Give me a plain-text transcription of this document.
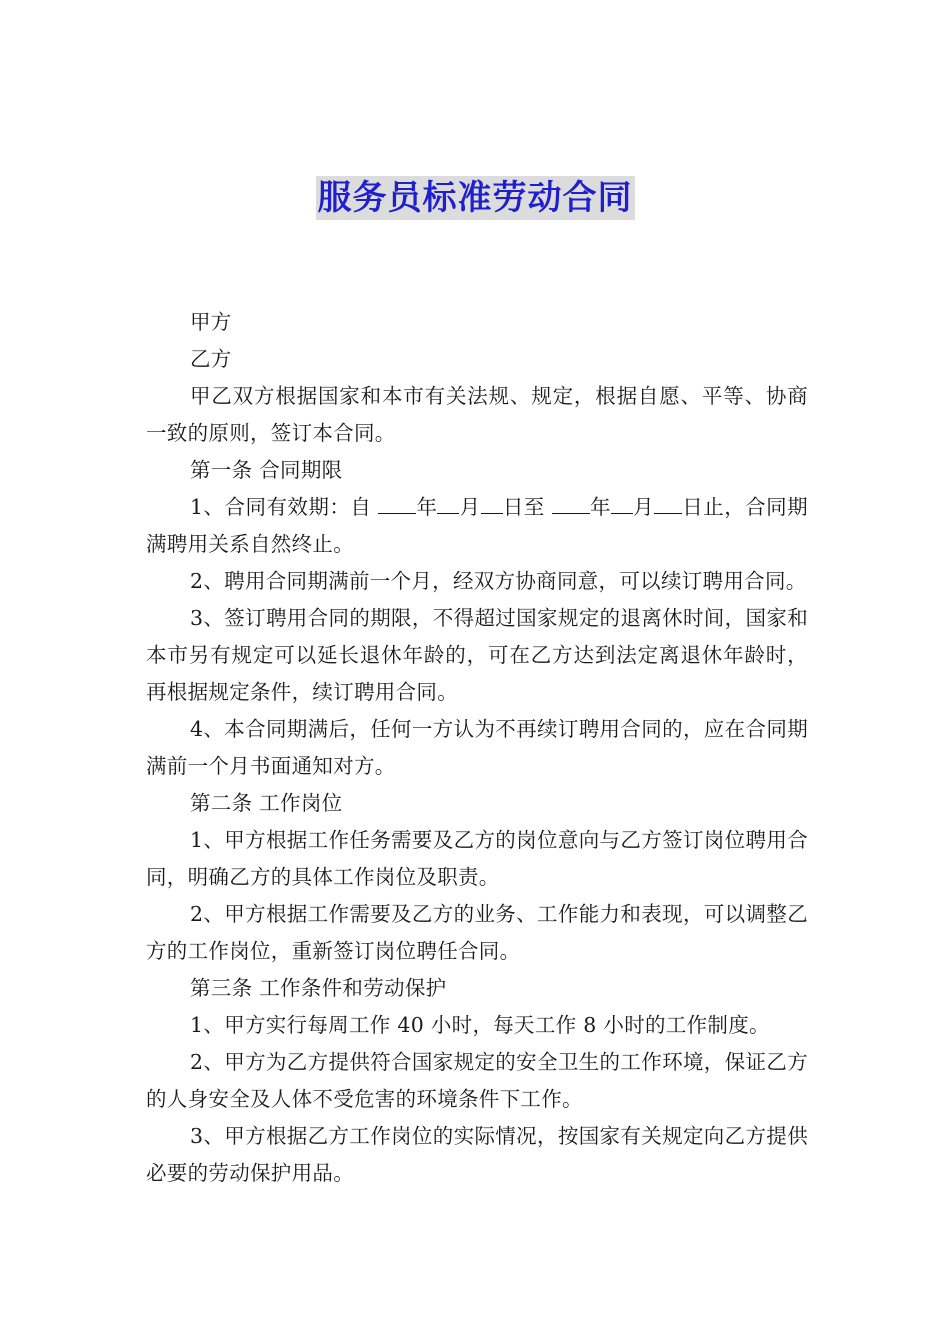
服务员标准劳动合同

甲方

乙方

甲乙双方根据国家和本市有关法规、规定，根据自愿、平等、协商一致的原则，签订本合同。

第一条 合同期限

1、合同有效期：自 年 月 日至 年 月 日止，合同期满聘用关系自然终止。

2、聘用合同期满前一个月，经双方协商同意，可以续订聘用合同。

3、签订聘用合同的期限，不得超过国家规定的退离休时间，国家和本市另有规定可以延长退休年龄的，可在乙方达到法定离退休年龄时，再根据规定条件，续订聘用合同。

4、本合同期满后，任何一方认为不再续订聘用合同的，应在合同期满前一个月书面通知对方。

第二条 工作岗位

1、甲方根据工作任务需要及乙方的岗位意向与乙方签订岗位聘用合同，明确乙方的具体工作岗位及职责。

2、甲方根据工作需要及乙方的业务、工作能力和表现，可以调整乙方的工作岗位，重新签订岗位聘任合同。

第三条 工作条件和劳动保护

1、甲方实行每周工作 40 小时，每天工作 8 小时的工作制度。

2、甲方为乙方提供符合国家规定的安全卫生的工作环境，保证乙方的人身安全及人体不受危害的环境条件下工作。

3、甲方根据乙方工作岗位的实际情况，按国家有关规定向乙方提供必要的劳动保护用品。
